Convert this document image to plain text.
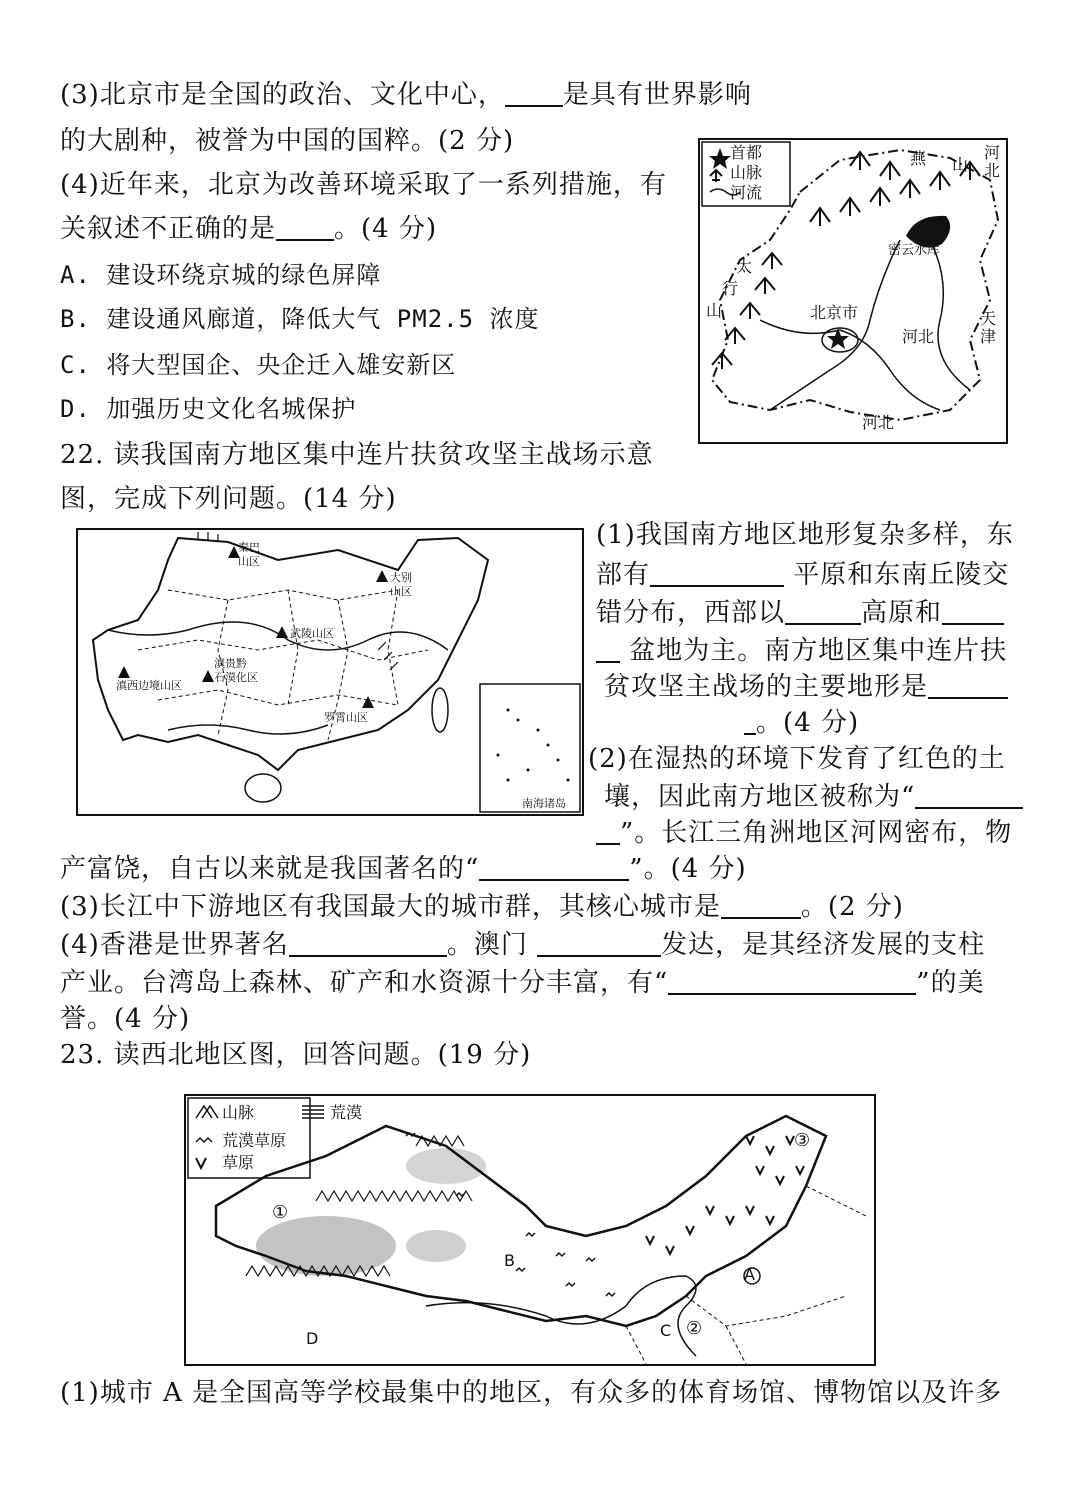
(3)北京市是全国的政治、文化中心， 是具有世界影响
的大剧种，被誉为中国的国粹。(2 分)
(4)近年来，北京为改善环境采取了一系列措施，有
关叙述不正确的是 。(4 分)
A. 建设环绕京城的绿色屏障
B. 建设通风廊道，降低大气 PM2.5 浓度
C. 将大型国企、央企迁入雄安新区
D. 加强历史文化名城保护
首都
山脉
河流
燕 山
河北
密云水库
太
行
山	北京市
河北
天津
河北
22. 读我国南方地区集中连片扶贫攻坚主战场示意
图，完成下列问题。(14 分)
秦巴
山区
大别
山区
武陵山区
滇贵黔
石漠化区
滇西边境山区
罗霄山区
南海诸岛
(1)我国南方地区地形复杂多样，东
部有	平原和东南丘陵交
错分布，西部以	高原和
盆地为主。南方地区集中连片扶
贫攻坚主战场的主要地形是
。(4 分)
(2)在湿热的环境下发育了红色的土
壤，因此南方地区被称为“
”。长江三角洲地区河网密布，物
产富饶，自古以来就是我国著名的“	”。(4 分)
(3)长江中下游地区有我国最大的城市群，其核心城市是	。(2 分)
(4)香港是世界著名	。澳门	发达，是其经济发展的支柱
产业。台湾岛上森林、矿产和水资源十分丰富，有“	”的美
誉。(4 分)
23. 读西北地区图，回答问题。(19 分)
山脉	荒漠
荒漠草原
草原
①
②
③
A
B
C
D
(1)城市 A 是全国高等学校最集中的地区，有众多的体育场馆、博物馆以及许多
